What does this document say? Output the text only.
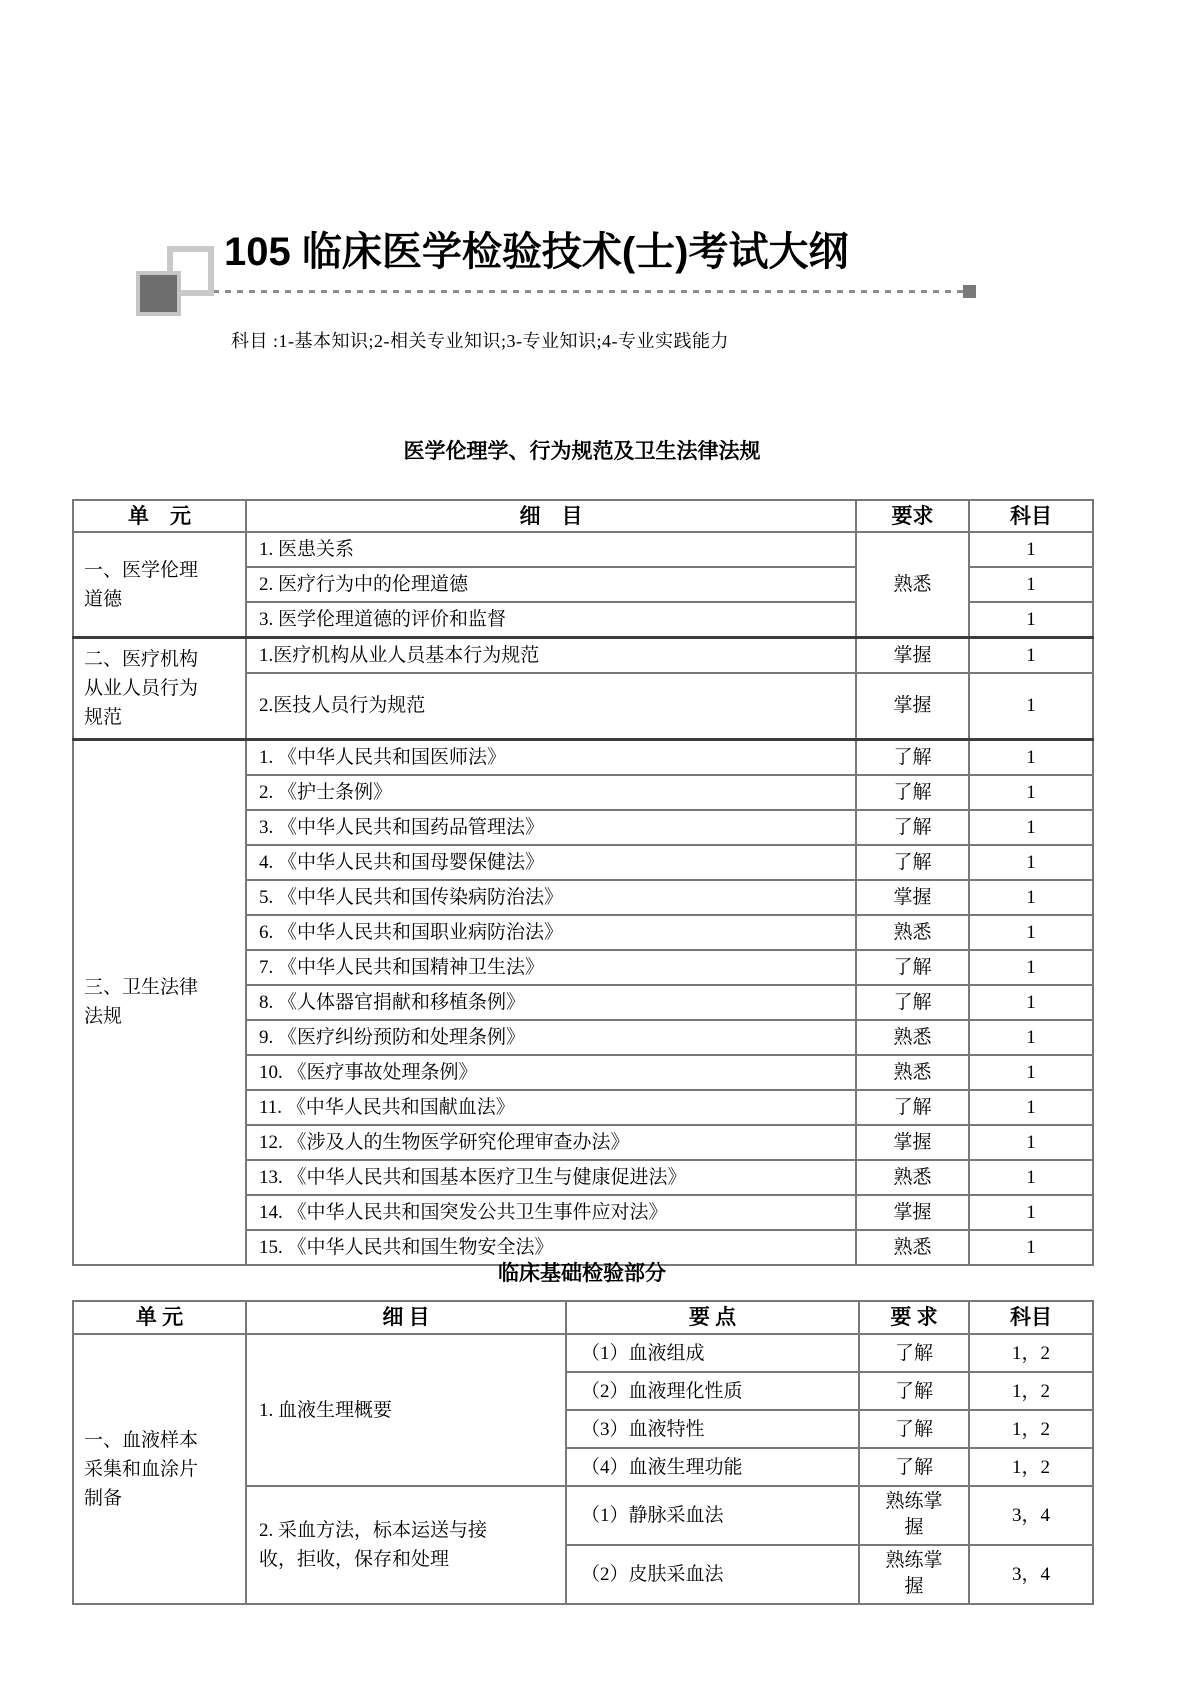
105 临床医学检验技术(士)考试大纲
科目 :1-基本知识;2-相关专业知识;3-专业知识;4-专业实践能力
医学伦理学、行为规范及卫生法律法规
单　元	细　目	要求	科目
一、医学伦理道德	1. 医患关系	熟悉	1
	2. 医疗行为中的伦理道德		1
	3. 医学伦理道德的评价和监督		1
二、医疗机构从业人员行为规范	1.医疗机构从业人员基本行为规范	掌握	1
	2.医技人员行为规范	掌握	1
三、卫生法律法规	1. 《中华人民共和国医师法》	了解	1
	2. 《护士条例》	了解	1
	3. 《中华人民共和国药品管理法》	了解	1
	4. 《中华人民共和国母婴保健法》	了解	1
	5. 《中华人民共和国传染病防治法》	掌握	1
	6. 《中华人民共和国职业病防治法》	熟悉	1
	7. 《中华人民共和国精神卫生法》	了解	1
	8. 《人体器官捐献和移植条例》	了解	1
	9. 《医疗纠纷预防和处理条例》	熟悉	1
	10. 《医疗事故处理条例》	熟悉	1
	11. 《中华人民共和国献血法》	了解	1
	12. 《涉及人的生物医学研究伦理审查办法》	掌握	1
	13. 《中华人民共和国基本医疗卫生与健康促进法》	熟悉	1
	14. 《中华人民共和国突发公共卫生事件应对法》	掌握	1
	15. 《中华人民共和国生物安全法》	熟悉	1
临床基础检验部分
单 元	细 目	要 点	要 求	科目
一、血液样本采集和血涂片制备	1. 血液生理概要	（1）血液组成	了解	1，2
		（2）血液理化性质	了解	1，2
		（3）血液特性	了解	1，2
		（4）血液生理功能	了解	1，2
	2. 采血方法，标本运送与接收，拒收，保存和处理	（1）静脉采血法	熟练掌握	3，4
		（2）皮肤采血法	熟练掌握	3，4
